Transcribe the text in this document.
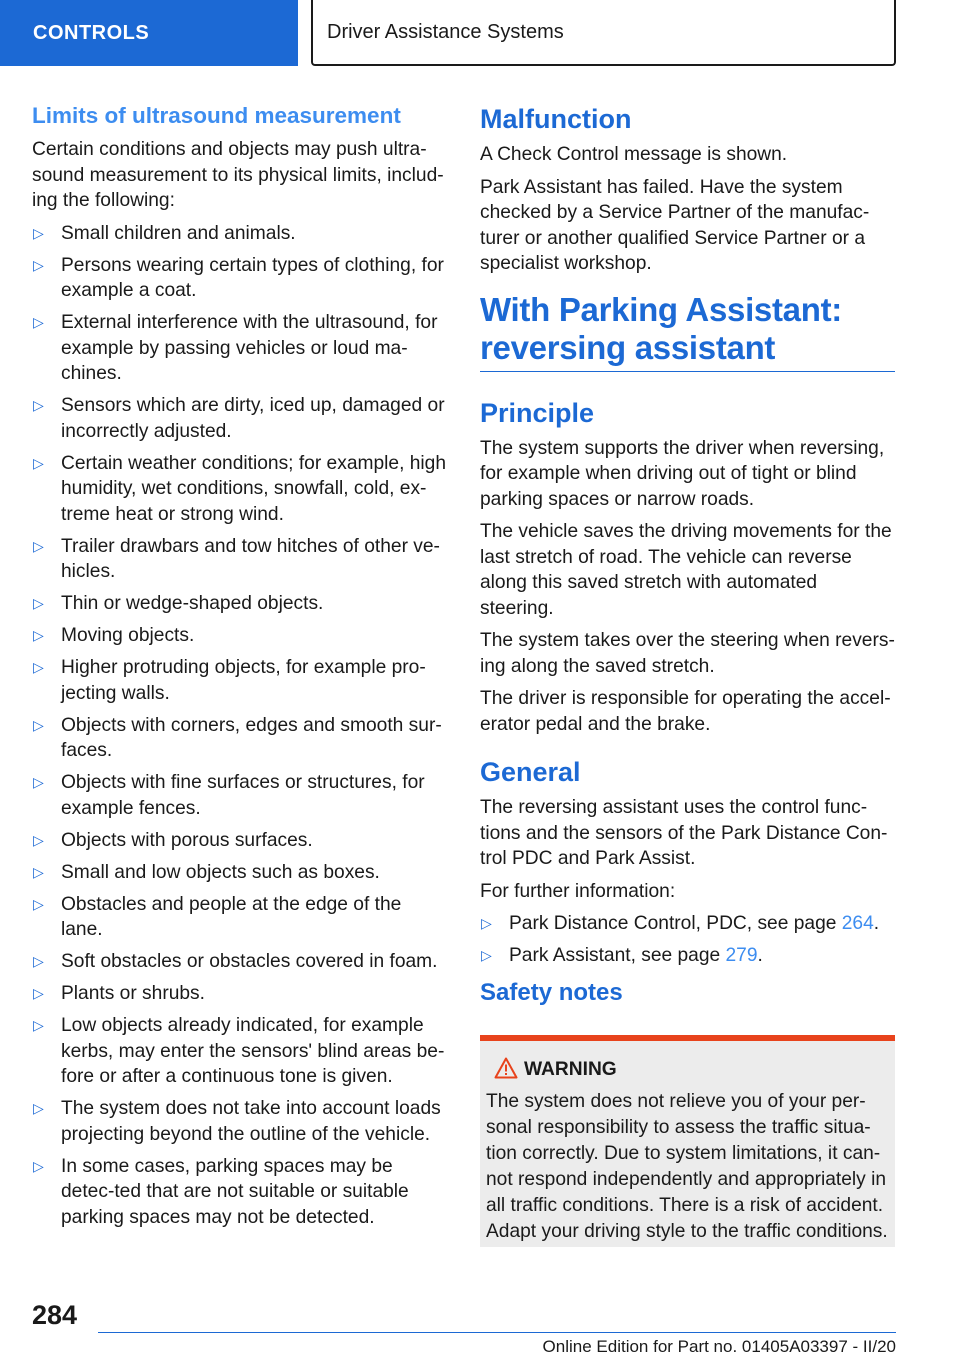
CONTROLS	Driver Assistance Systems
Limits of ultrasound measurement

Certain conditions and objects may push ultra-sound measurement to its physical limits, includ-ing the following:

▷ Small children and animals.
▷ Persons wearing certain types of clothing, for example a coat.
▷ External interference with the ultrasound, for example by passing vehicles or loud ma-chines.
▷ Sensors which are dirty, iced up, damaged or incorrectly adjusted.
▷ Certain weather conditions; for example, high humidity, wet conditions, snowfall, cold, ex-treme heat or strong wind.
▷ Trailer drawbars and tow hitches of other ve-hicles.
▷ Thin or wedge-shaped objects.
▷ Moving objects.
▷ Higher protruding objects, for example pro-jecting walls.
▷ Objects with corners, edges and smooth sur-faces.
▷ Objects with fine surfaces or structures, for example fences.
▷ Objects with porous surfaces.
▷ Small and low objects such as boxes.
▷ Obstacles and people at the edge of the lane.
▷ Soft obstacles or obstacles covered in foam.
▷ Plants or shrubs.
▷ Low objects already indicated, for example kerbs, may enter the sensors' blind areas be-fore or after a continuous tone is given.
▷ The system does not take into account loads projecting beyond the outline of the vehicle.
▷ In some cases, parking spaces may be detec-ted that are not suitable or suitable parking spaces may not be detected.
Malfunction

A Check Control message is shown.

Park Assistant has failed. Have the system checked by a Service Partner of the manufac-turer or another qualified Service Partner or a specialist workshop.

With Parking Assistant: reversing assistant
Principle

The system supports the driver when reversing, for example when driving out of tight or blind parking spaces or narrow roads.

The vehicle saves the driving movements for the last stretch of road. The vehicle can reverse along this saved stretch with automated steering.

The system takes over the steering when revers-ing along the saved stretch.

The driver is responsible for operating the accel-erator pedal and the brake.

General

The reversing assistant uses the control func-tions and the sensors of the Park Distance Con-trol PDC and Park Assist.

For further information:

▷ Park Distance Control, PDC, see page 264.
▷ Park Assistant, see page 279.
Safety notes
WARNING
The system does not relieve you of your per-sonal responsibility to assess the traffic situa-tion correctly. Due to system limitations, it can-not respond independently and appropriately in all traffic conditions. There is a risk of accident. Adapt your driving style to the traffic conditions.
284
Online Edition for Part no. 01405A03397 - II/20
